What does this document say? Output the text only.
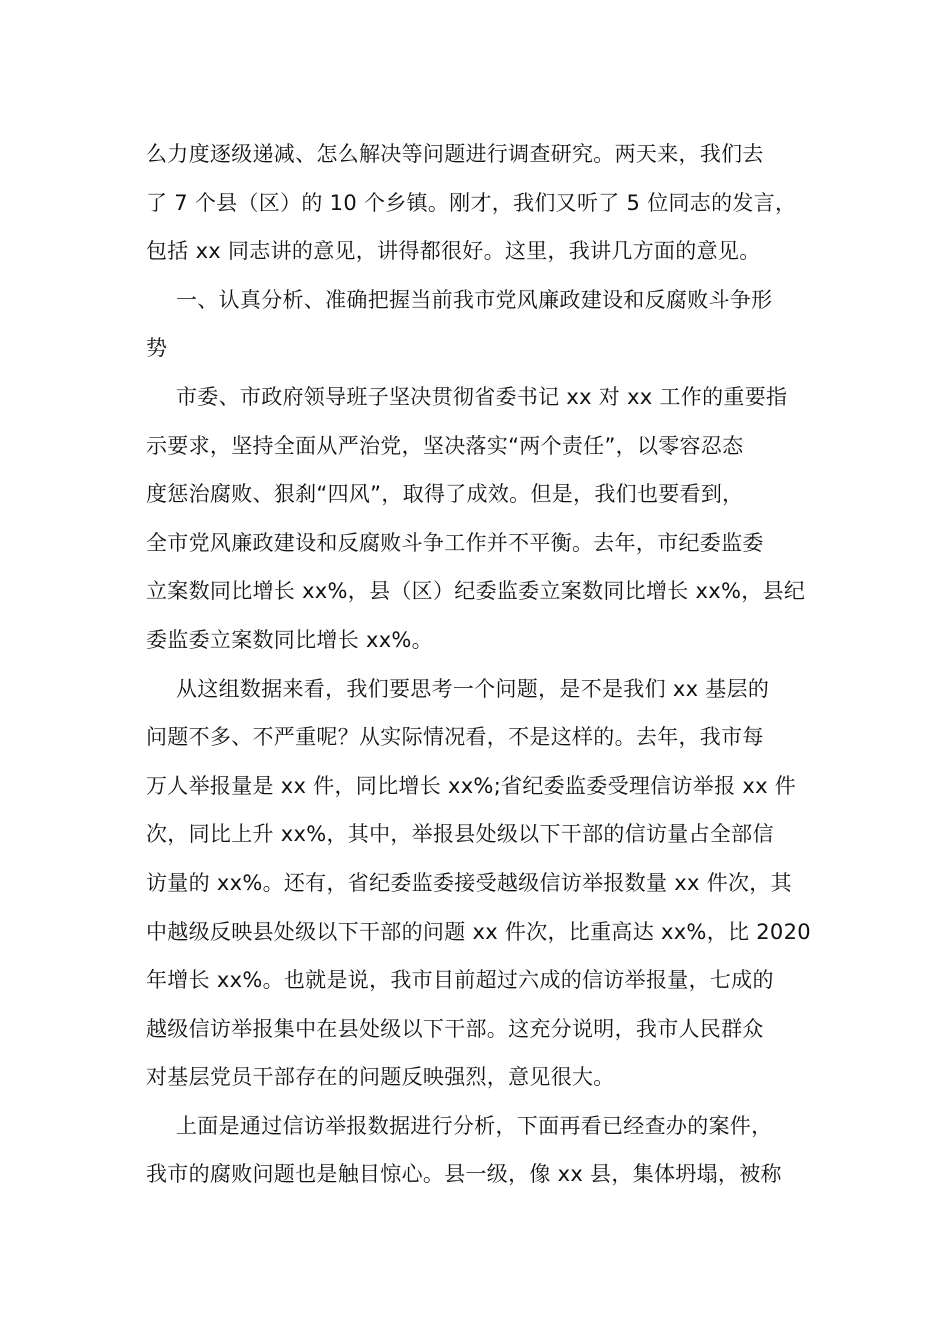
么力度逐级递减、怎么解决等问题进行调查研究。两天来，我们去
了 7 个县（区）的 10 个乡镇。刚才，我们又听了 5 位同志的发言，
包括 xx 同志讲的意见，讲得都很好。这里，我讲几方面的意见。
一、认真分析、准确把握当前我市党风廉政建设和反腐败斗争形
势
市委、市政府领导班子坚决贯彻省委书记 xx 对 xx 工作的重要指
示要求，坚持全面从严治党，坚决落实“两个责任”，以零容忍态
度惩治腐败、狠刹“四风”，取得了成效。但是，我们也要看到，
全市党风廉政建设和反腐败斗争工作并不平衡。去年，市纪委监委
立案数同比增长 xx%，县（区）纪委监委立案数同比增长 xx%，县纪
委监委立案数同比增长 xx%。
从这组数据来看，我们要思考一个问题，是不是我们 xx 基层的
问题不多、不严重呢？从实际情况看，不是这样的。去年，我市每
万人举报量是 xx 件，同比增长 xx%;省纪委监委受理信访举报 xx 件
次，同比上升 xx%，其中，举报县处级以下干部的信访量占全部信
访量的 xx%。还有，省纪委监委接受越级信访举报数量 xx 件次，其
中越级反映县处级以下干部的问题 xx 件次，比重高达 xx%，比 2020
年增长 xx%。也就是说，我市目前超过六成的信访举报量，七成的
越级信访举报集中在县处级以下干部。这充分说明，我市人民群众
对基层党员干部存在的问题反映强烈，意见很大。
上面是通过信访举报数据进行分析，下面再看已经查办的案件，
我市的腐败问题也是触目惊心。县一级，像 xx 县，集体坍塌，被称
